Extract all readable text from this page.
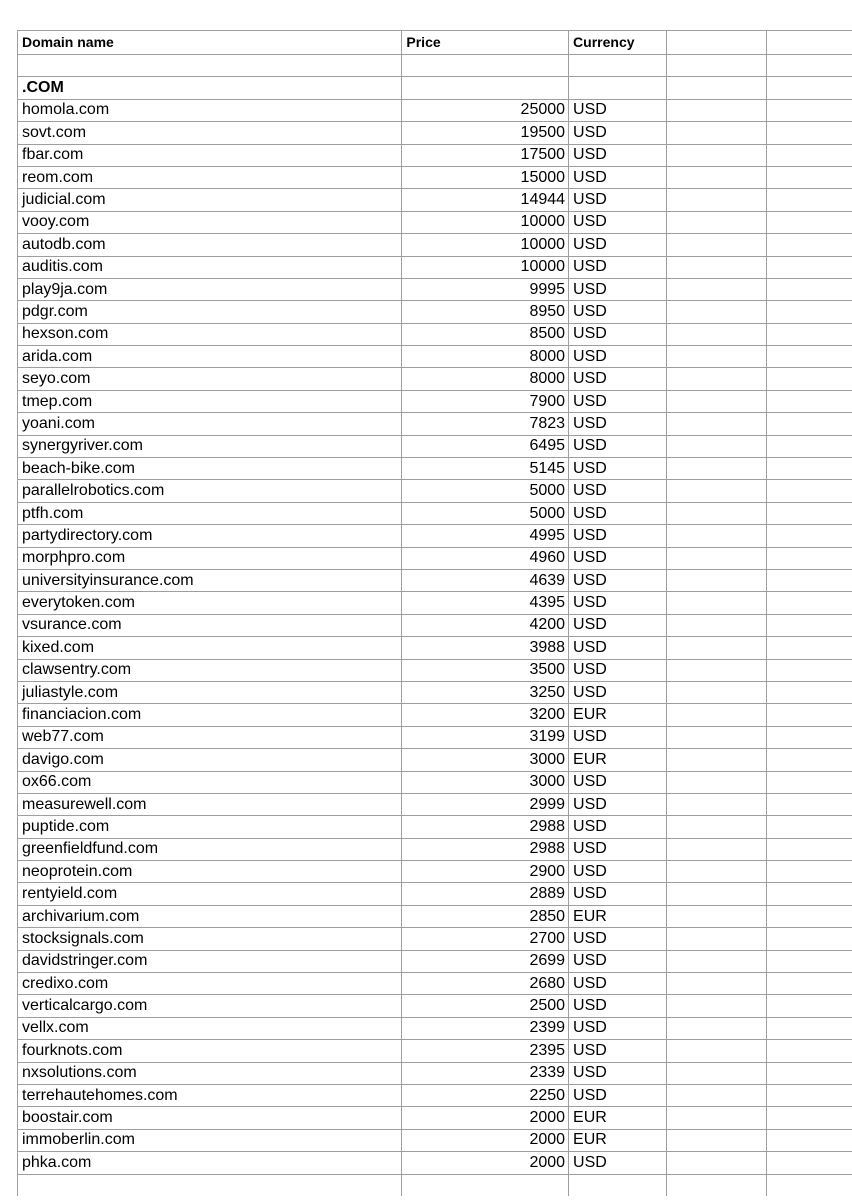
Domain name	Price	Currency		

.COM				
homola.com	25000	USD		
sovt.com	19500	USD		
fbar.com	17500	USD		
reom.com	15000	USD		
judicial.com	14944	USD		
vooy.com	10000	USD		
autodb.com	10000	USD		
auditis.com	10000	USD		
play9ja.com	9995	USD		
pdgr.com	8950	USD		
hexson.com	8500	USD		
arida.com	8000	USD		
seyo.com	8000	USD		
tmep.com	7900	USD		
yoani.com	7823	USD		
synergyriver.com	6495	USD		
beach-bike.com	5145	USD		
parallelrobotics.com	5000	USD		
ptfh.com	5000	USD		
partydirectory.com	4995	USD		
morphpro.com	4960	USD		
universityinsurance.com	4639	USD		
everytoken.com	4395	USD		
vsurance.com	4200	USD		
kixed.com	3988	USD		
clawsentry.com	3500	USD		
juliastyle.com	3250	USD		
financiacion.com	3200	EUR		
web77.com	3199	USD		
davigo.com	3000	EUR		
ox66.com	3000	USD		
measurewell.com	2999	USD		
puptide.com	2988	USD		
greenfieldfund.com	2988	USD		
neoprotein.com	2900	USD		
rentyield.com	2889	USD		
archivarium.com	2850	EUR		
stocksignals.com	2700	USD		
davidstringer.com	2699	USD		
credixo.com	2680	USD		
verticalcargo.com	2500	USD		
vellx.com	2399	USD		
fourknots.com	2395	USD		
nxsolutions.com	2339	USD		
terrehautehomes.com	2250	USD		
boostair.com	2000	EUR		
immoberlin.com	2000	EUR		
phka.com	2000	USD		
